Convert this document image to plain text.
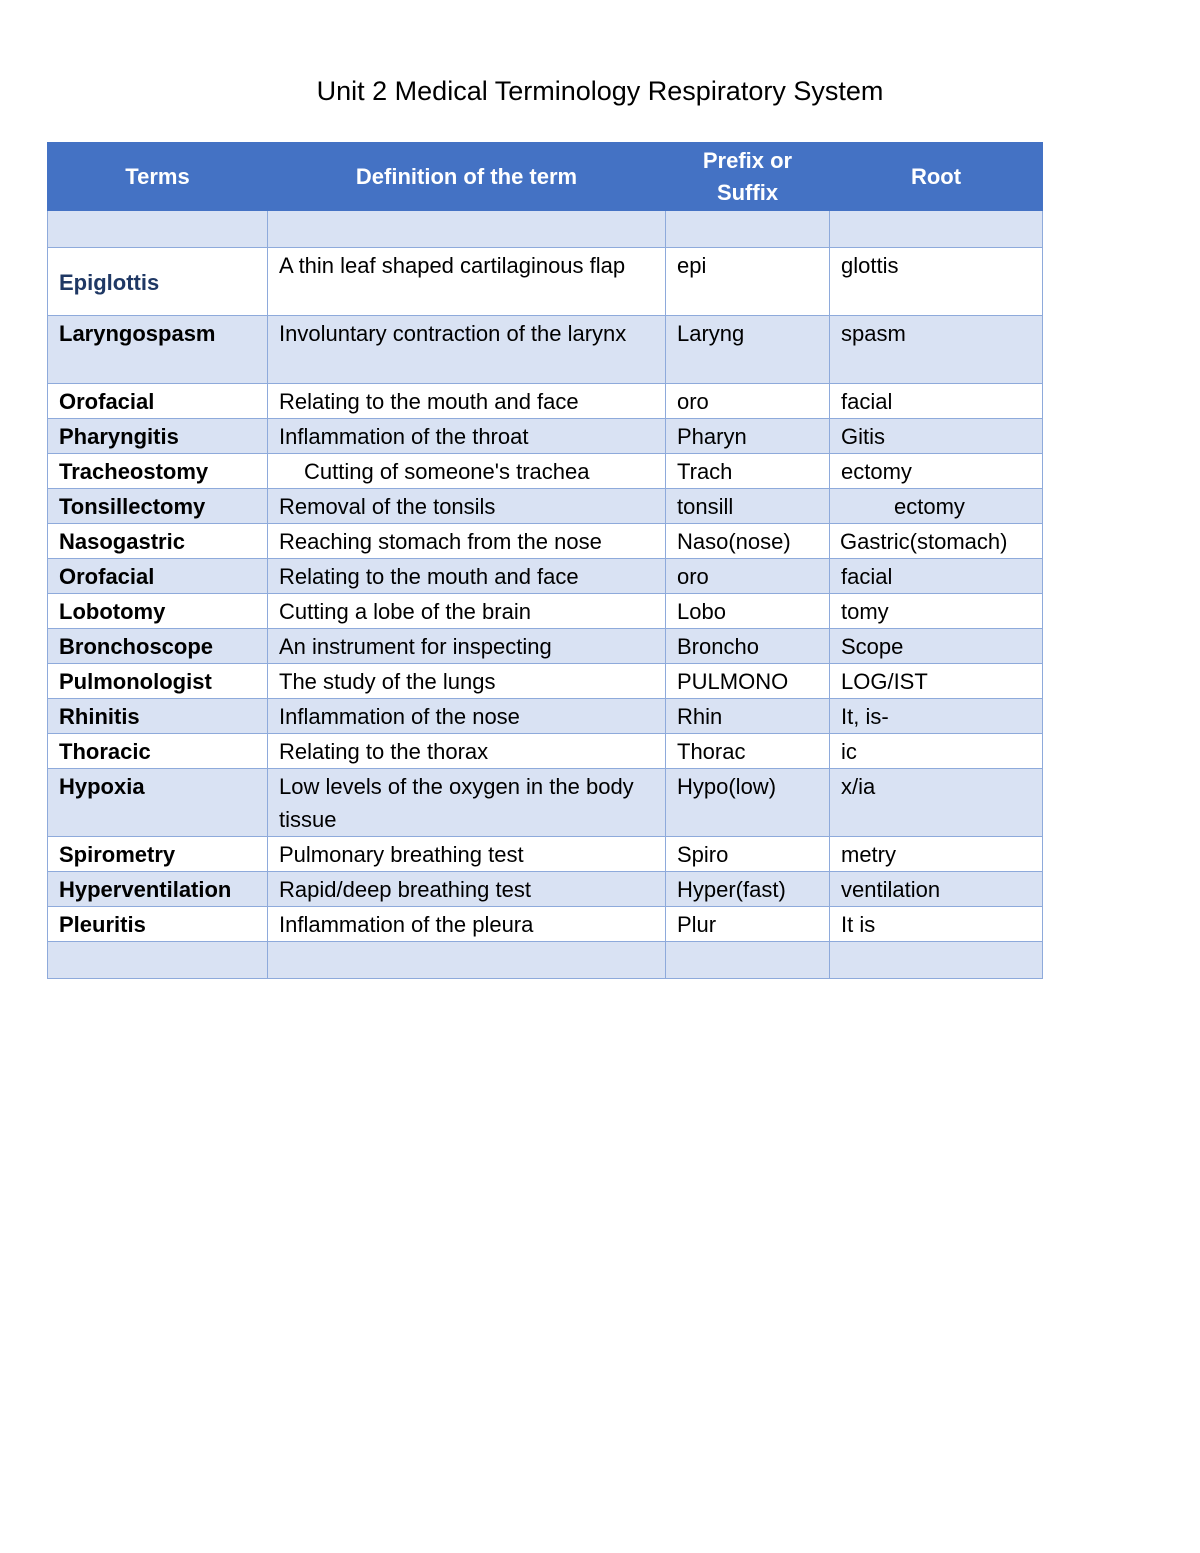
Unit 2 Medical Terminology Respiratory System
Terms	Definition of the term	Prefix or Suffix	Root

Epiglottis	A thin leaf shaped cartilaginous flap	epi	glottis
Laryngospasm	Involuntary contraction of the larynx	Laryng	spasm
Orofacial	Relating to the mouth and face	oro	facial
Pharyngitis	Inflammation of the throat	Pharyn	Gitis
Tracheostomy	Cutting of someone's trachea	Trach	ectomy
Tonsillectomy	Removal of the tonsils	tonsill	ectomy
Nasogastric	Reaching stomach from the nose	Naso(nose)	Gastric(stomach)
Orofacial	Relating to the mouth and face	oro	facial
Lobotomy	Cutting a lobe of the brain	Lobo	tomy
Bronchoscope	An instrument for inspecting	Broncho	Scope
Pulmonologist	The study of the lungs	PULMONO	LOG/IST
Rhinitis	Inflammation of the nose	Rhin	It, is-
Thoracic	Relating to the thorax	Thorac	ic
Hypoxia	Low levels of the oxygen in the body tissue	Hypo(low)	x/ia
Spirometry	Pulmonary breathing test	Spiro	metry
Hyperventilation	Rapid/deep breathing test	Hyper(fast)	ventilation
Pleuritis	Inflammation of the pleura	Plur	It is
